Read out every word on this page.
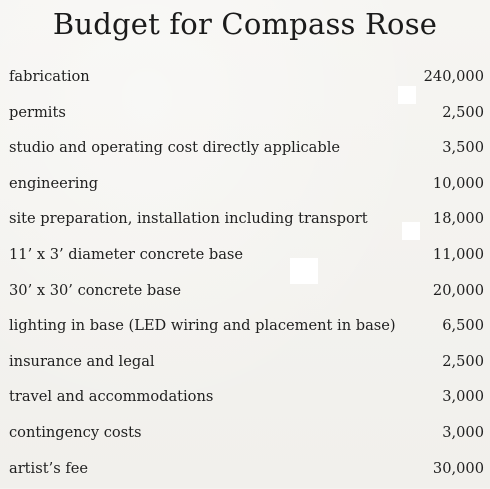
Budget for Compass Rose
fabrication	240,000
permits	2,500
studio and operating cost directly applicable	3,500
engineering	10,000
site preparation, installation including transport	18,000
11’ x 3’ diameter concrete base	11,000
30’ x 30’ concrete base	20,000
lighting in base (LED wiring and placement in base)	6,500
insurance and legal	2,500
travel and accommodations	3,000
contingency costs	3,000
artist’s fee	30,000
